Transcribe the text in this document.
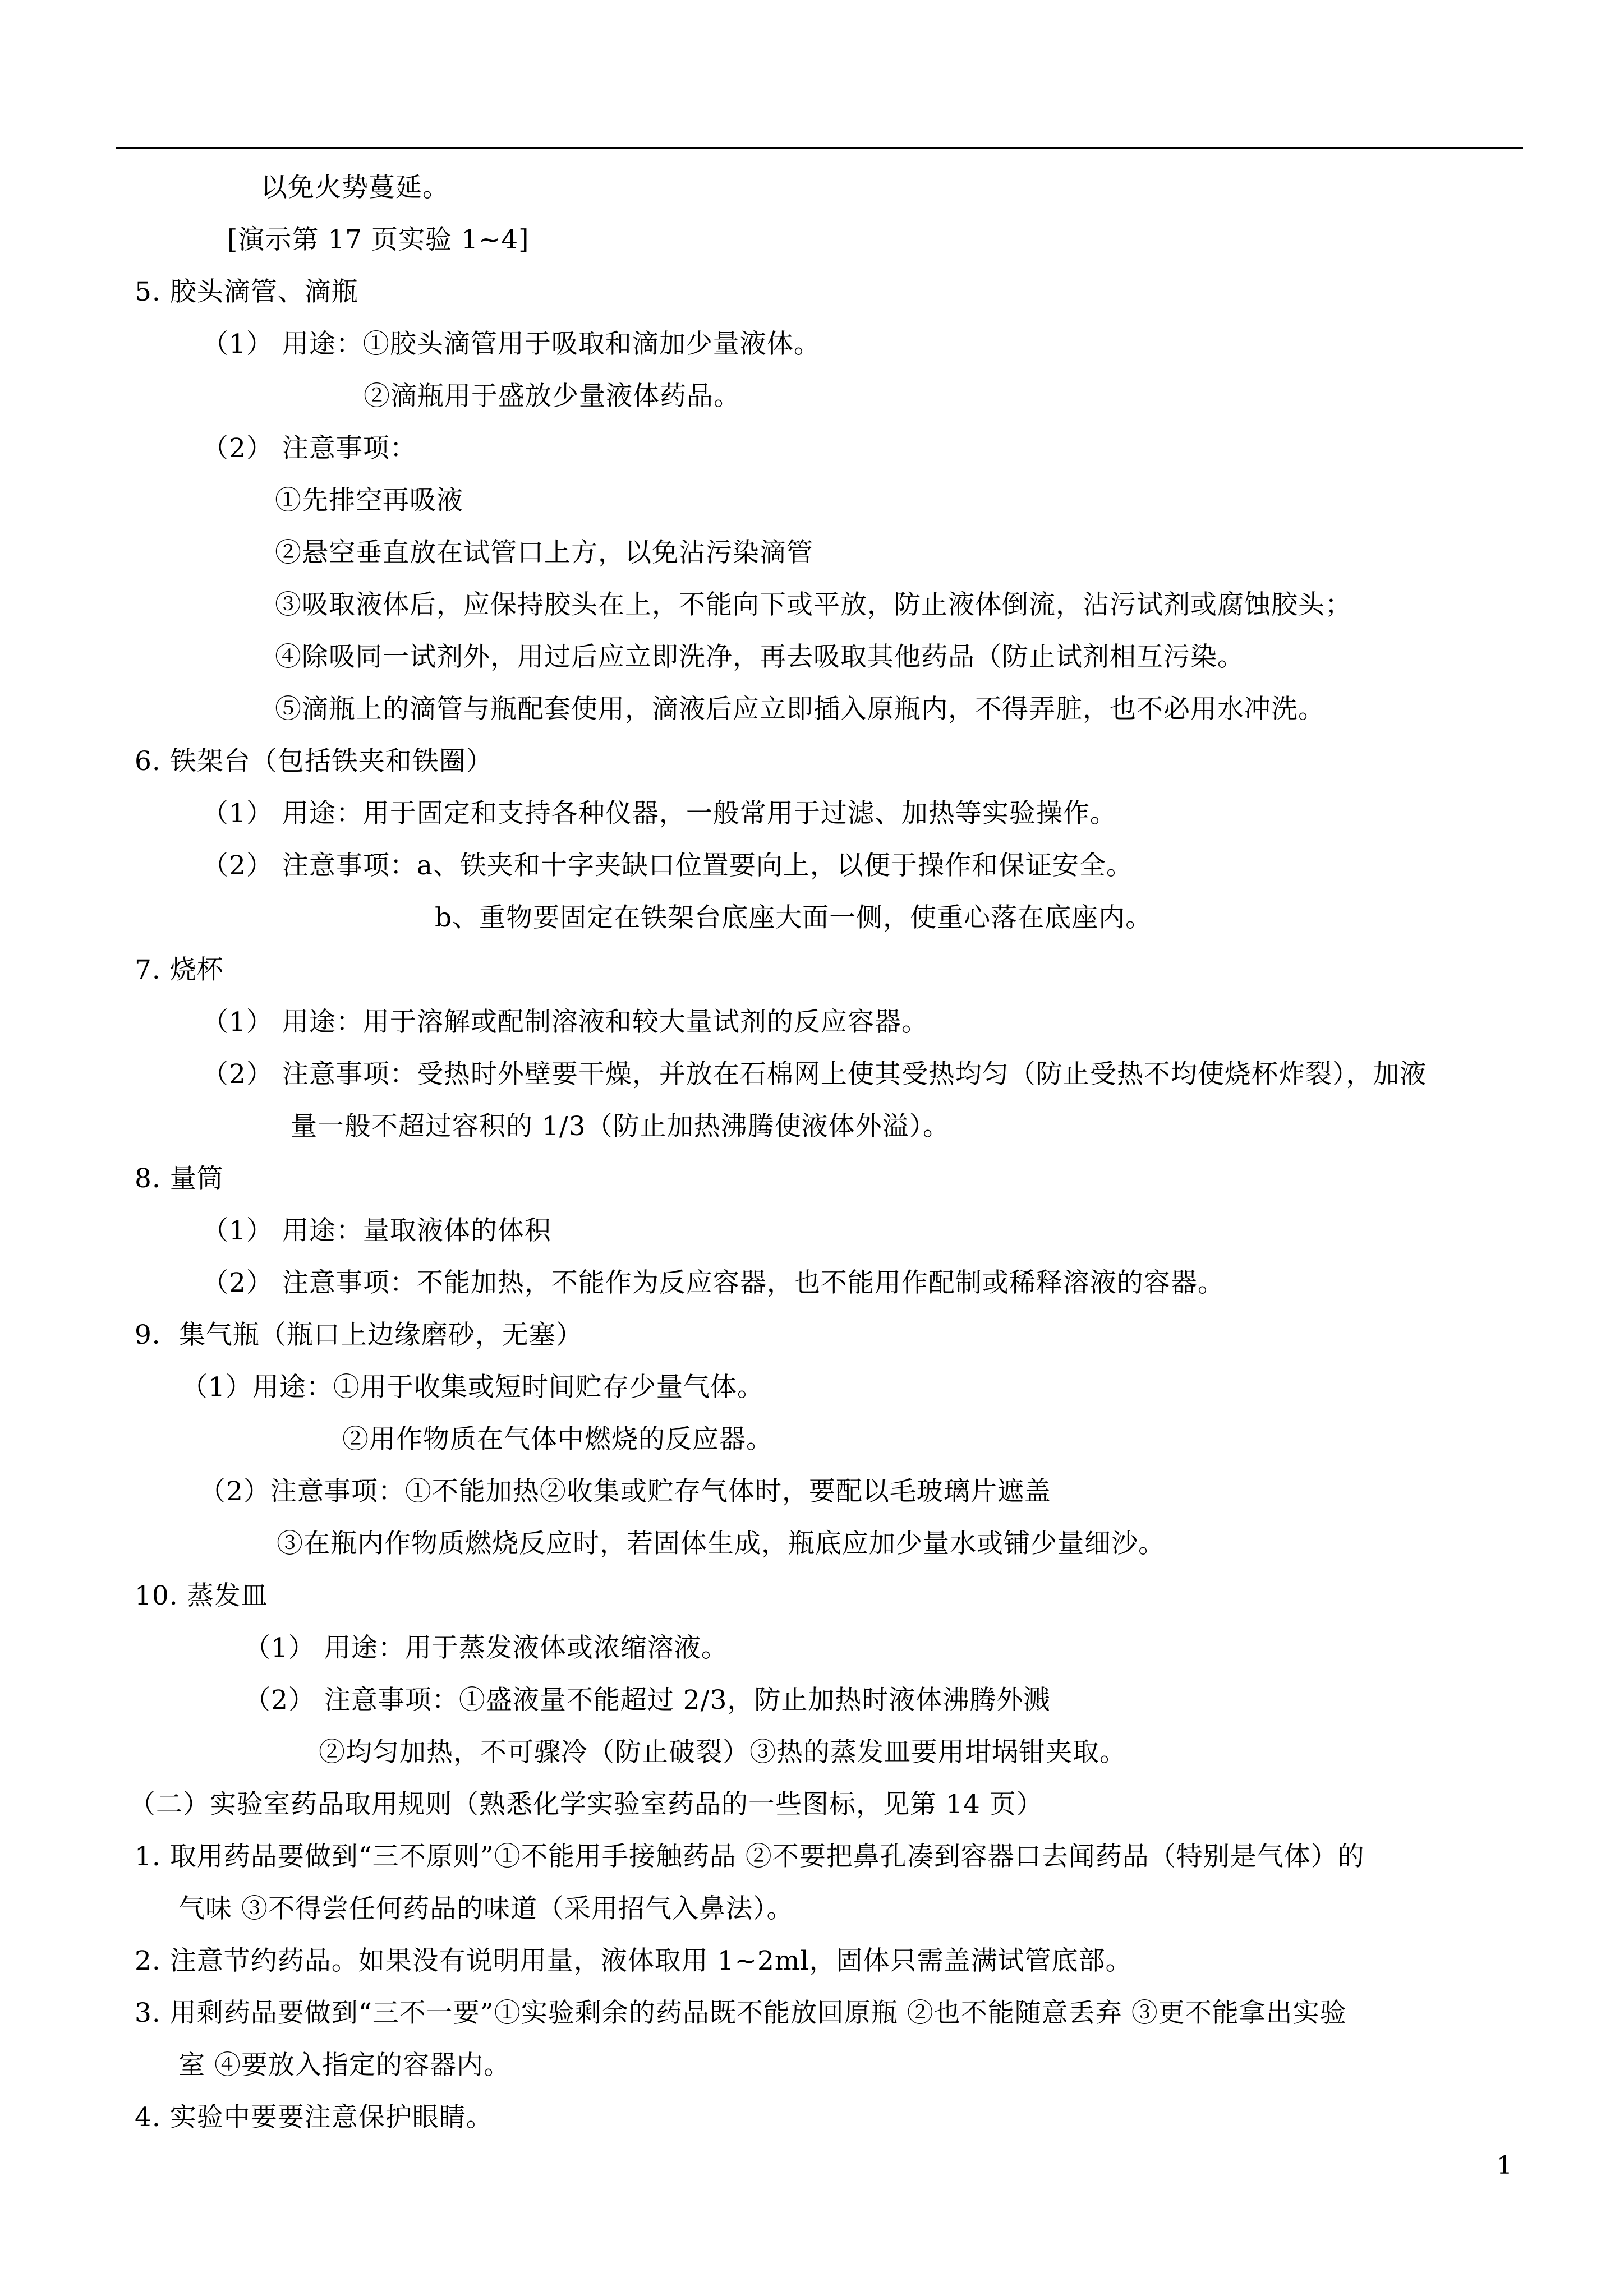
以免火势蔓延。
[演示第 17 页实验 1~4]
5. 胶头滴管、滴瓶
（1） 用途：①胶头滴管用于吸取和滴加少量液体。
②滴瓶用于盛放少量液体药品。
（2） 注意事项：
①先排空再吸液
②悬空垂直放在试管口上方，以免沾污染滴管
③吸取液体后，应保持胶头在上，不能向下或平放，防止液体倒流，沾污试剂或腐蚀胶头；
④除吸同一试剂外，用过后应立即洗净，再去吸取其他药品（防止试剂相互污染。
⑤滴瓶上的滴管与瓶配套使用，滴液后应立即插入原瓶内，不得弄脏，也不必用水冲洗。
6. 铁架台（包括铁夹和铁圈）
（1） 用途：用于固定和支持各种仪器，一般常用于过滤、加热等实验操作。
（2） 注意事项：a、铁夹和十字夹缺口位置要向上，以便于操作和保证安全。
b、重物要固定在铁架台底座大面一侧，使重心落在底座内。
7. 烧杯
（1） 用途：用于溶解或配制溶液和较大量试剂的反应容器。
（2） 注意事项：受热时外壁要干燥，并放在石棉网上使其受热均匀（防止受热不均使烧杯炸裂），加液
量一般不超过容积的 1/3（防止加热沸腾使液体外溢）。
8. 量筒
（1） 用途：量取液体的体积
（2） 注意事项：不能加热，不能作为反应容器，也不能用作配制或稀释溶液的容器。
9．集气瓶（瓶口上边缘磨砂，无塞）
（1）用途：①用于收集或短时间贮存少量气体。
②用作物质在气体中燃烧的反应器。
（2）注意事项：①不能加热②收集或贮存气体时，要配以毛玻璃片遮盖
③在瓶内作物质燃烧反应时，若固体生成，瓶底应加少量水或铺少量细沙。
10. 蒸发皿
（1） 用途：用于蒸发液体或浓缩溶液。
（2） 注意事项：①盛液量不能超过 2/3，防止加热时液体沸腾外溅
②均匀加热，不可骤冷（防止破裂）③热的蒸发皿要用坩埚钳夹取。
（二）实验室药品取用规则（熟悉化学实验室药品的一些图标，见第 14 页）
1. 取用药品要做到“三不原则”①不能用手接触药品 ②不要把鼻孔凑到容器口去闻药品（特别是气体）的
气味 ③不得尝任何药品的味道（采用招气入鼻法）。
2. 注意节约药品。如果没有说明用量，液体取用 1~2ml，固体只需盖满试管底部。
3. 用剩药品要做到“三不一要”①实验剩余的药品既不能放回原瓶 ②也不能随意丢弃 ③更不能拿出实验
室 ④要放入指定的容器内。
4. 实验中要要注意保护眼睛。
1
